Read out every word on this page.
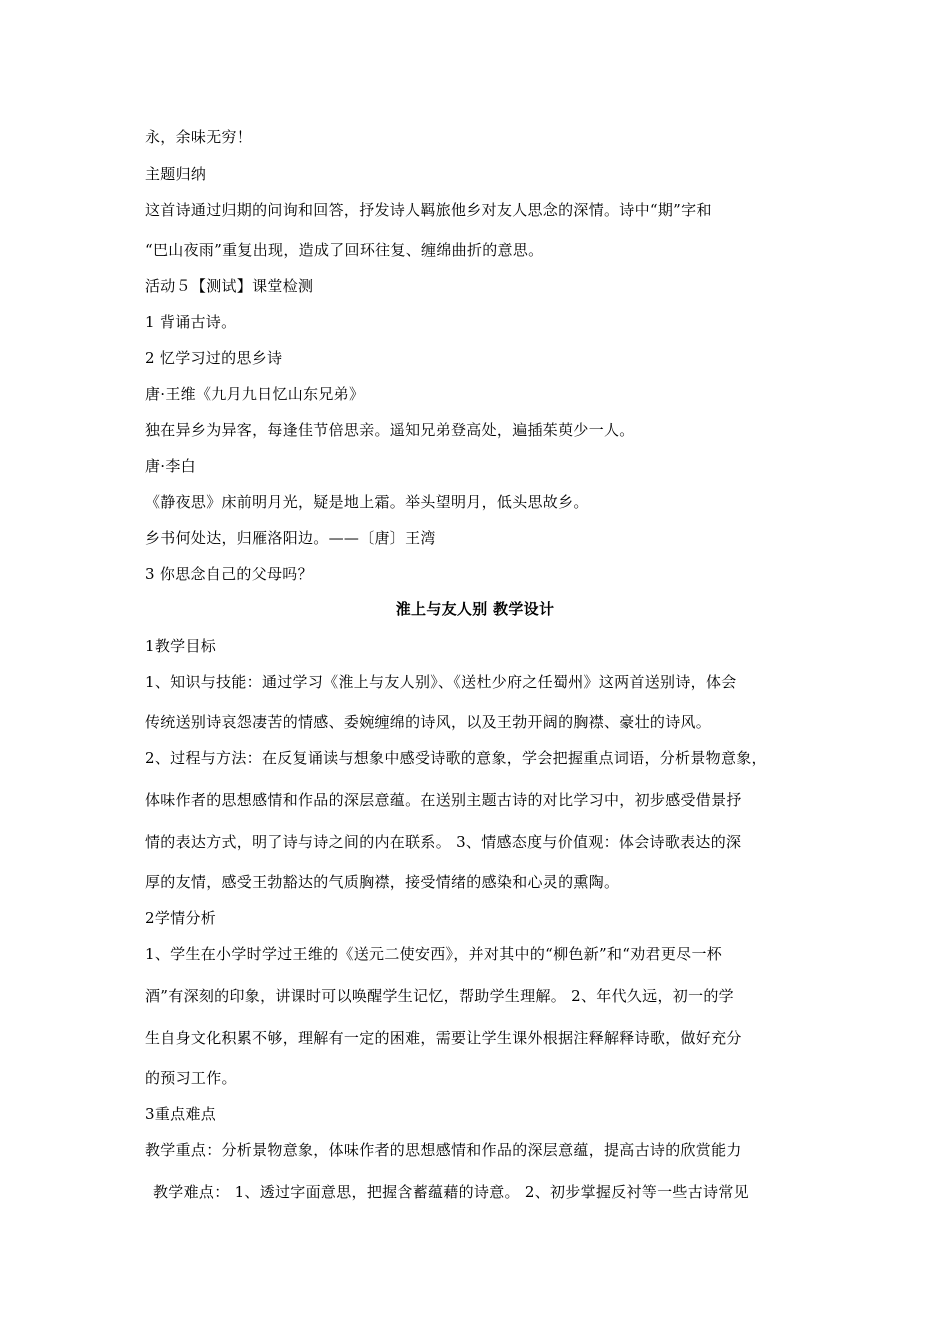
永，余味无穷！
主题归纳
这首诗通过归期的问询和回答，抒发诗人羁旅他乡对友人思念的深情。诗中“期”字和
“巴山夜雨”重复出现，造成了回环往复、缠绵曲折的意思。
活动５【测试】课堂检测
1 背诵古诗。
2 忆学习过的思乡诗
唐·王维《九月九日忆山东兄弟》
独在异乡为异客，每逢佳节倍思亲。遥知兄弟登高处，遍插茱萸少一人。
唐·李白
《静夜思》床前明月光，疑是地上霜。举头望明月，低头思故乡。
乡书何处达，归雁洛阳边。——〔唐〕王湾
3 你思念自己的父母吗？
淮上与友人别 教学设计
1教学目标
1、知识与技能：通过学习《淮上与友人别》、《送杜少府之任蜀州》这两首送别诗，体会
传统送别诗哀怨凄苦的情感、委婉缠绵的诗风，以及王勃开阔的胸襟、豪壮的诗风。
2、过程与方法：在反复诵读与想象中感受诗歌的意象，学会把握重点词语，分析景物意象，
体味作者的思想感情和作品的深层意蕴。在送别主题古诗的对比学习中，初步感受借景抒
情的表达方式，明了诗与诗之间的内在联系。 3、情感态度与价值观：体会诗歌表达的深
厚的友情，感受王勃豁达的气质胸襟，接受情绪的感染和心灵的熏陶。
2学情分析
1、学生在小学时学过王维的《送元二使安西》，并对其中的“柳色新”和“劝君更尽一杯
酒”有深刻的印象，讲课时可以唤醒学生记忆，帮助学生理解。 2、年代久远，初一的学
生自身文化积累不够，理解有一定的困难，需要让学生课外根据注释解释诗歌，做好充分
的预习工作。
3重点难点
教学重点：分析景物意象，体味作者的思想感情和作品的深层意蕴，提高古诗的欣赏能力
教学难点： 1、透过字面意思，把握含蓄蕴藉的诗意。 2、初步掌握反衬等一些古诗常见
